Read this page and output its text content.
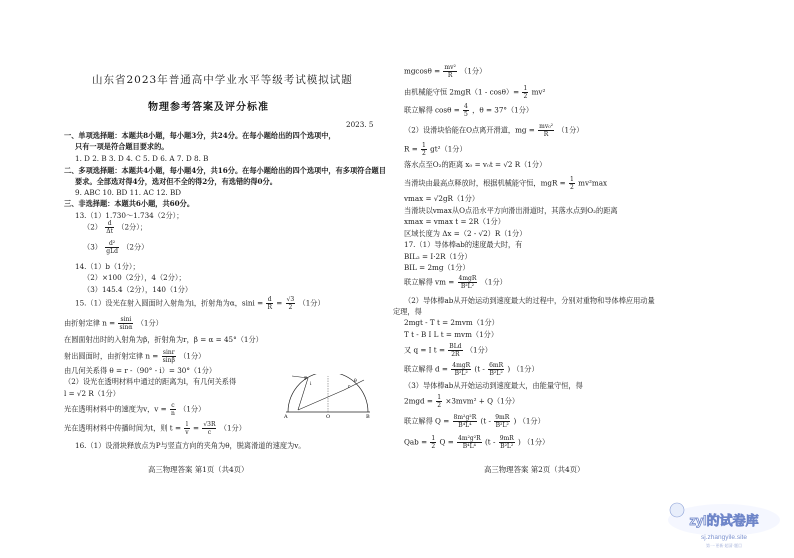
山东省2023年普通高中学业水平等级考试模拟试题
物理参考答案及评分标准
2023. 5
一、单项选择题：本题共8小题，每小题3分，共24分。在每小题给出的四个选项中，
只有一项是符合题目要求的。
1. D 2. B 3. D 4. C 5. D 6. A 7. D 8. B
二、多项选择题：本题共4小题，每小题4分，共16分。在每小题给出的四个选项中，有多项符合题目
要求。全部选对得4分，选对但不全的得2分，有选错的得0分。
9. ABC 10. BD 11. AC 12. BD
三、非选择题：本题共6小题，共60分。
13.（1）1.730～1.734（2分）；
$(2) \frac{d}{\Delta t} (2$分）；
$(3) \frac{\text{d²}}{\text{gLd}} (2$分）
14.（1）b（1分）；
（2）×100（2分），4（2分）；
（3）145.4（2分），140（1分）
15.（1）设光在射入圆面时入射角为i，折射角为α，$\sin i = \frac{d}{R} = \frac{√3}{2} (1$分）
由折射定律 $n = \frac{\sin i}{\sin\alpha} (1$分）
在圆面射出时的入射角为β，折射角为r，β = α = 45°（1分）
射出圆面时，由折射定律 $n = \frac{\sin r}{\sin\beta} (1$分）
由几何关系得 θ = r -（90° - i）= 30°（1分）
（2）设光在透明材料中通过的距离为l，有几何关系得
l = √2 R（1分）
光在透明材料中的速度为v，$v = \frac{c}{n} (1$分）
光在透明材料中传播时间为t，则 $t = \frac{l}{v} = \frac{√3R}{c} (1$分）
16.（1）设滑块释放点为P与竖直方向的夹角为θ，脱离滑道的速度为v。
高三物理答案 第1页（共4页）
P
i
r
θ
O
A	B
$mgcos\theta = \frac{\text{mv²}}{R} (1$分）
由机械能守恒 $2mgR(1 - \cos\theta)= \frac{1}{2} mv^2$
联立解得 $\cos\theta = \frac{4}{5}$ ，θ = 37°（1分）
（2）设滑块恰能在O点离开滑道，mg = $\frac{\text{mv₀²}}{R} (1$分）
$R = \frac{1}{2} gt^2(1$分）
落水点至O₂的距离 x₀ = v₀t = √2 R（1分）
当滑块由最高点释放时，根据机械能守恒，mgR = $\frac{1}{2} mv^2\max$
vmax = √2gR（1分）
当滑块以vmax从O点沿水平方向滑出滑道时，其落水点到O₂的距离
xmax = vmax t = 2R（1分）
区域长度为 Δx =（2 - √2）R（1分）
17.（1）导体棒ab的速度最大时，有
BIL₂ = I·2R（1分）
BIL = 2mg（1分）
联立解得 vm = $\frac{\text{4mgR}}{\text{B²L²}} (1$分）
（2）导体棒ab从开始运动到速度最大的过程中，分别对重物和导体棒应用动量
定理，得
2mgt - T t = 2mvm（1分）
T t - B I L t = mvm（1分）
又 q = I $t = \frac{\text{BLd}}{2R} (1$分）
联立解得 $d = \frac{\text{4mgR}}{\text{B²L²}} (t - \frac{6mR}{\text{B²L²}}$ ) （1分）
（3）导体棒ab从开始运动到速度最大，由能量守恒，得
$2mgd = \frac{1}{2} \times 3mvm^2 + Q(1$分）
联立解得 $Q = \frac{\text{8m²g²R}}{\text{B⁴L⁴}} (t - \frac{9mR}{\text{B²L²}}$ ) （1分）
Qab = $\frac{1}{2}$ $Q = \frac{\text{4m²g²R}}{\text{B⁴L⁴}} (t - \frac{9mR}{\text{B²L²}}$ ) （1分）
高三物理答案 第2页（共4页）
zyl的试卷库
sj.zhangyile.site
第一·更新·超清·题目
